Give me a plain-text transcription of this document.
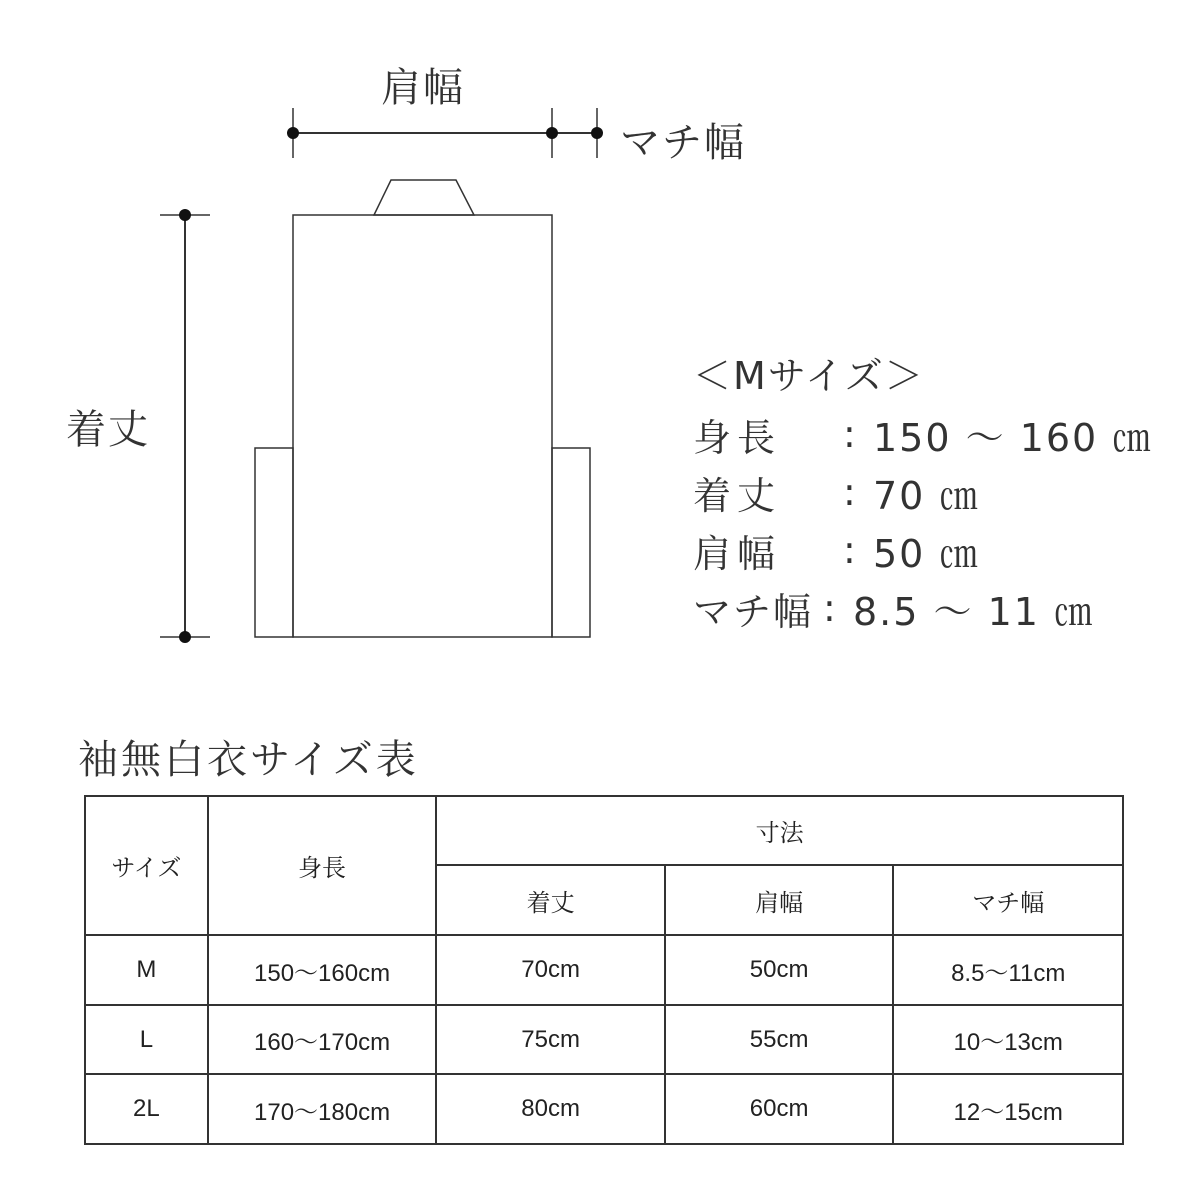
肩幅
マチ幅
着丈
＜Mサイズ＞
身長	: 150 ～ 160 ㎝
着丈	: 70 ㎝
肩幅	: 50 ㎝
マチ幅 : 8.5 ～ 11 ㎝
袖無白衣サイズ表
サイズ	身長	寸法		
		着丈	肩幅	マチ幅
M	150～160cm	70cm	50cm	8.5～11cm
L	160～170cm	75cm	55cm	10～13cm
2L	170～180cm	80cm	60cm	12～15cm
